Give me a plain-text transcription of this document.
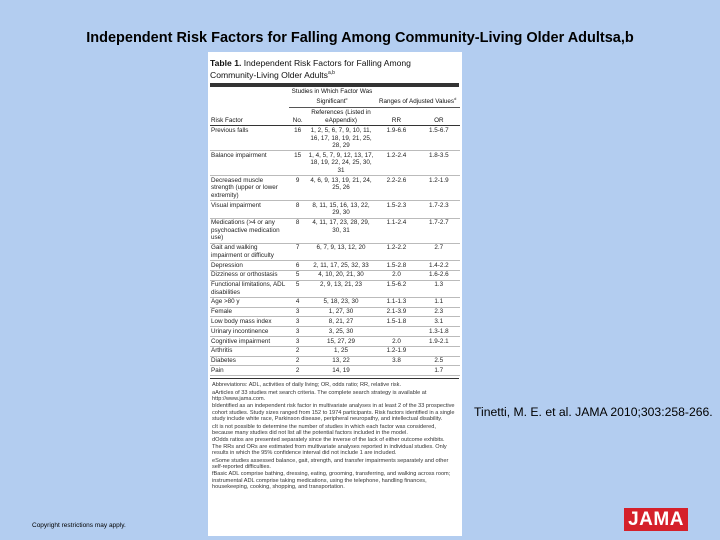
Independent Risk Factors for Falling Among Community-Living Older Adultsa,b
Table 1. Independent Risk Factors for Falling Among Community-Living Older Adults$^{a,b}$
	Studies in Which Factor Was Significant$^c$		Ranges of Adjusted Values$^d$
Risk Factor	No.	References (Listed in eAppendix)	RR	OR
Previous falls	16	1, 2, 5, 6, 7, 9, 10, 11, 16, 17, 18, 19, 21, 25, 28, 29	1.9-6.6	1.5-6.7
Balance impairment	15	1, 4, 5, 7, 9, 12, 13, 17, 18, 19, 22, 24, 25, 30, 31	1.2-2.4	1.8-3.5
Decreased muscle strength (upper or lower extremity)	9	4, 6, 9, 13, 19, 21, 24, 25, 26	2.2-2.6	1.2-1.9
Visual impairment	8	8, 11, 15, 16, 13, 22, 29, 30	1.5-2.3	1.7-2.3
Medications (>4 or any psychoactive medication use)	8	4, 11, 17, 23, 28, 29, 30, 31	1.1-2.4	1.7-2.7
Gait and walking impairment or difficulty	7	6, 7, 9, 13, 12, 20	1.2-2.2	2.7
Depression	6	2, 11, 17, 25, 32, 33	1.5-2.8	1.4-2.2
Dizziness or orthostasis	5	4, 10, 20, 21, 30	2.0	1.6-2.6
Functional limitations, ADL disabilities	5	2, 9, 13, 21, 23	1.5-6.2	1.3
Age >80 y	4	5, 18, 23, 30	1.1-1.3	1.1
Female	3	1, 27, 30	2.1-3.9	2.3
Low body mass index	3	8, 21, 27	1.5-1.8	3.1
Urinary incontinence	3	3, 25, 30		1.3-1.8
Cognitive impairment	3	15, 27, 29	2.0	1.9-2.1
Arthritis	2	1, 25	1.2-1.9	
Diabetes	2	13, 22	3.8	2.5
Pain	2	14, 19		1.7

Abbreviations: ADL, activities of daily living; OR, odds ratio; RR, relative risk.

aArticles of 33 studies met search criteria. The complete search strategy is available at http://www.jama.com.

bIdentified as an independent risk factor in multivariate analyses in at least 2 of the 33 prospective cohort studies. Study sizes ranged from 152 to 1974 participants. Risk factors identified in a single study include white race, Parkinson disease, peripheral neuropathy, and intellectual disability.

cIt is not possible to determine the number of studies in which each factor was considered, because many studies did not list all the potential factors included in the model.

dOdds ratios are presented separately since the inverse of the lack of either outcome exhibits. The RRs and ORs are estimated from multivariate analyses reported in individual studies. Only results in which the 95% confidence interval did not include 1 are included.

eSome studies assessed balance, gait, strength, and transfer impairments separately and other self-reported difficulties.

fBasic ADL comprise bathing, dressing, eating, grooming, transferring, and walking across room; instrumental ADL comprise taking medications, using the telephone, handling finances, housekeeping, cooking, shopping, and transportation.

Tinetti, M. E. et al. JAMA 2010;303:258-266.
Copyright restrictions may apply.	JAMA
